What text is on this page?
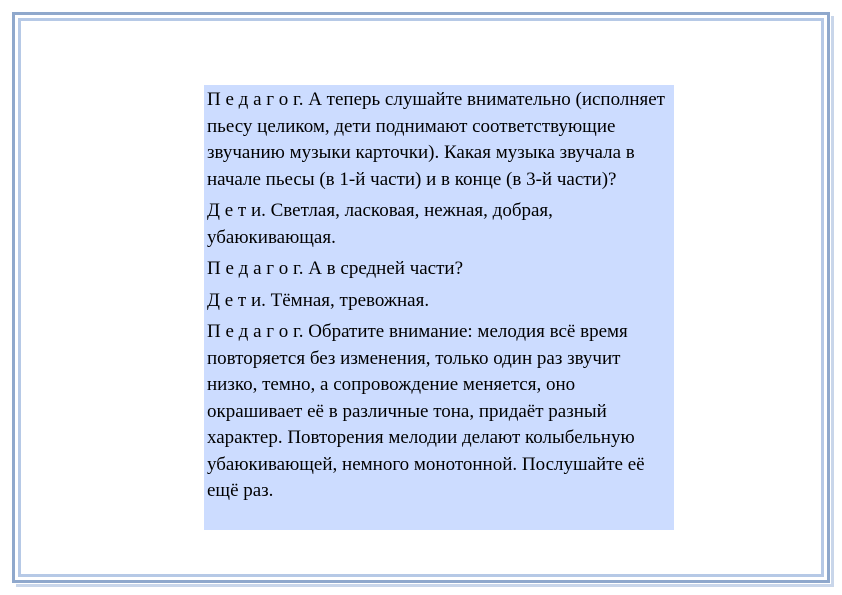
П е д а г о г. А теперь слушайте внимательно (исполняет пьесу целиком, дети поднимают соответствующие звучанию музыки карточки). Какая музыка звучала в начале пьесы (в 1-й части) и в конце (в 3-й части)?

Д е т и. Светлая, ласковая, нежная, добрая, убаюкивающая.

П е д а г о г. А в средней части?

Д е т и. Тёмная, тревожная.

П е д а г о г. Обратите внимание: мелодия всё время повторяется без изменения, только один раз звучит низко, темно, а сопровождение меняется, оно окрашивает её в различные тона, придаёт разный характер. Повторения мелодии делают колыбельную убаюкивающей, немного монотонной. Послушайте её ещё раз.
